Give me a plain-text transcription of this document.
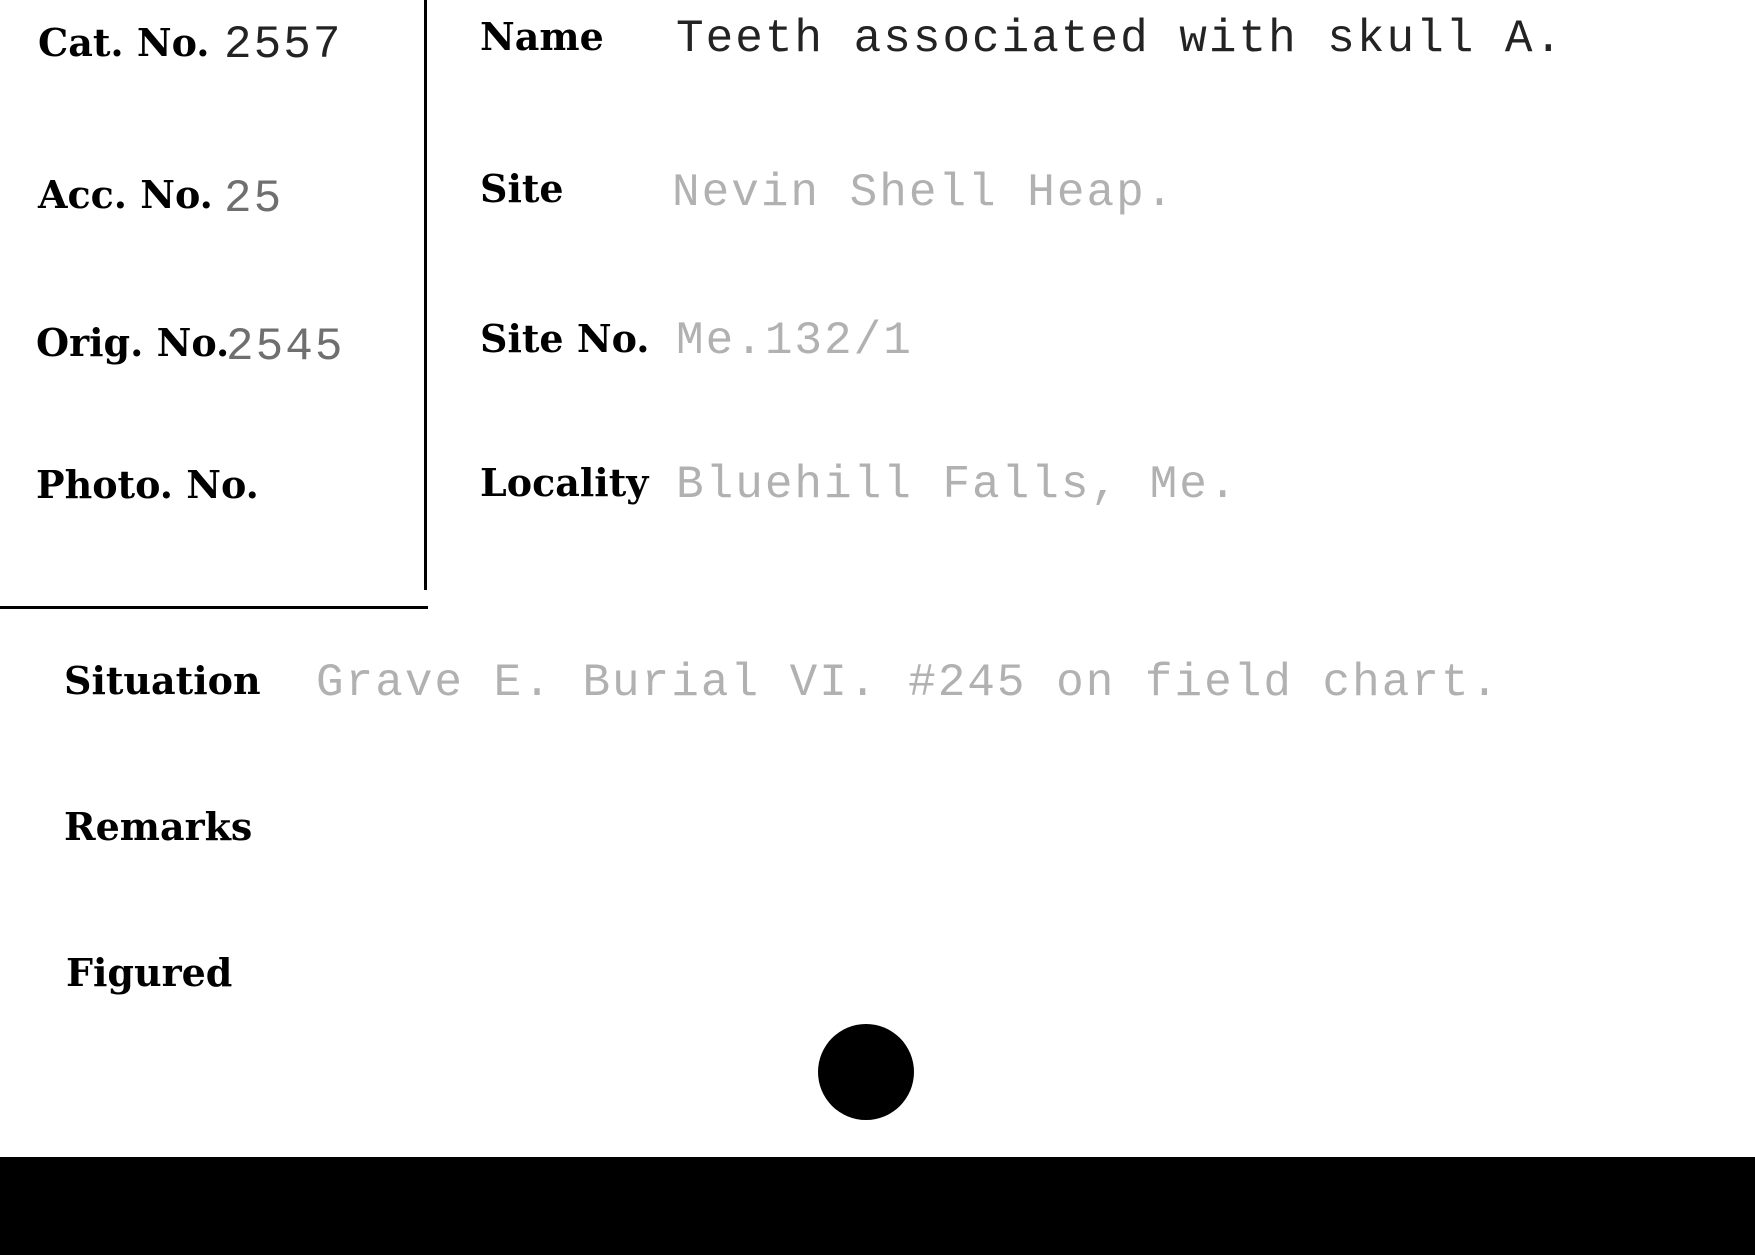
Cat. No. 2557
Acc. No. 25
Orig. No.
2545
Photo. No.
Name Teeth associated with skull A.
Site Nevin Shell Heap.
Site No. Me.132/1
Locality Bluehill Falls, Me.
Situation Grave E. Burial VI. #245 on field chart.
Remarks
Figured
